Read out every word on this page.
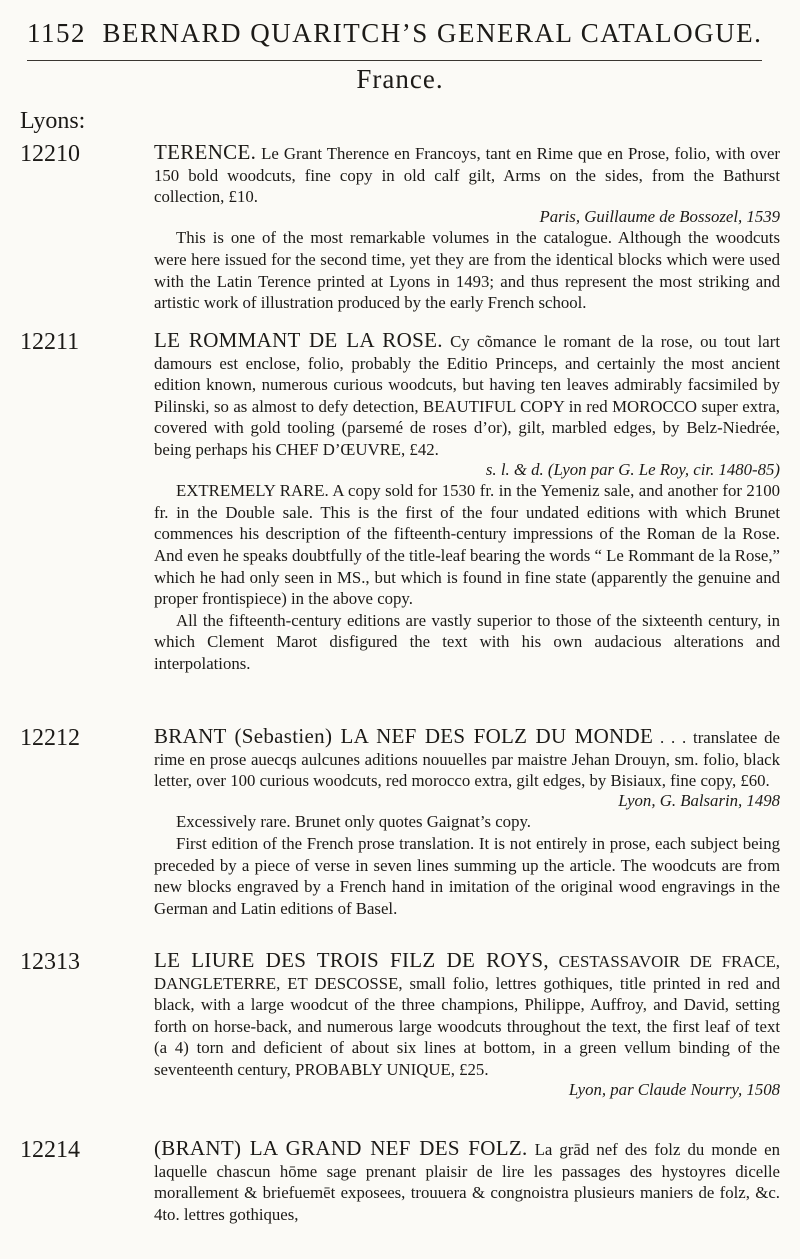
1152 BERNARD QUARITCH’S GENERAL CATALOGUE.
France.
Lyons:
12210	TERENCE. Le Grant Therence en Francoys, tant en Rime que en Prose, folio, with over 150 bold woodcuts, fine copy in old calf gilt, Arms on the sides, from the Bathurst collection, £10.
Paris, Guillaume de Bossozel, 1539

This is one of the most remarkable volumes in the catalogue. Although the woodcuts were here issued for the second time, yet they are from the identical blocks which were used with the Latin Terence printed at Lyons in 1493; and thus represent the most striking and artistic work of illustration produced by the early French school.

12211	LE ROMMANT DE LA ROSE. Cy cõmance le romant de la rose, ou tout lart damours est enclose, folio, probably the Editio Princeps, and certainly the most ancient edition known, numerous curious woodcuts, but having ten leaves admirably facsimiled by Pilinski, so as almost to defy detection, BEAUTIFUL COPY in red MOROCCO super extra, covered with gold tooling (parsemé de roses d’or), gilt, marbled edges, by Belz-Niedrée, being perhaps his CHEF D’ŒUVRE, £42.
s. l. & d. (Lyon par G. Le Roy, cir. 1480-85)

EXTREMELY RARE. A copy sold for 1530 fr. in the Yemeniz sale, and another for 2100 fr. in the Double sale. This is the first of the four undated editions with which Brunet commences his description of the fifteenth-century impressions of the Roman de la Rose. And even he speaks doubtfully of the title-leaf bearing the words “ Le Rommant de la Rose,” which he had only seen in MS., but which is found in fine state (apparently the genuine and proper frontispiece) in the above copy.

All the fifteenth-century editions are vastly superior to those of the sixteenth century, in which Clement Marot disfigured the text with his own audacious alterations and interpolations.

12212	BRANT (Sebastien) LA NEF DES FOLZ DU MONDE . . . translatee de rime en prose auecqs aulcunes aditions nouuelles par maistre Jehan Drouyn, sm. folio, black letter, over 100 curious woodcuts, red morocco extra, gilt edges, by Bisiaux, fine copy, £60.
Lyon, G. Balsarin, 1498

Excessively rare. Brunet only quotes Gaignat’s copy.

First edition of the French prose translation. It is not entirely in prose, each subject being preceded by a piece of verse in seven lines summing up the article. The woodcuts are from new blocks engraved by a French hand in imitation of the original wood engravings in the German and Latin editions of Basel.

12313	LE LIURE DES TROIS FILZ DE ROYS, CESTASSAVOIR DE FRACE, DANGLETERRE, ET DESCOSSE, small folio, lettres gothiques, title printed in red and black, with a large woodcut of the three champions, Philippe, Auffroy, and David, setting forth on horse-back, and numerous large woodcuts throughout the text, the first leaf of text (a 4) torn and deficient of about six lines at bottom, in a green vellum binding of the seventeenth century, PROBABLY UNIQUE, £25.
Lyon, par Claude Nourry, 1508

12214	(BRANT) LA GRAND NEF DES FOLZ. La grād nef des folz du monde en laquelle chascun hōme sage prenant plaisir de lire les passages des hystoyres dicelle morallement & briefuemēt exposees, trouuera & congnoistra plusieurs maniers de folz, &c. 4to. lettres gothiques,
